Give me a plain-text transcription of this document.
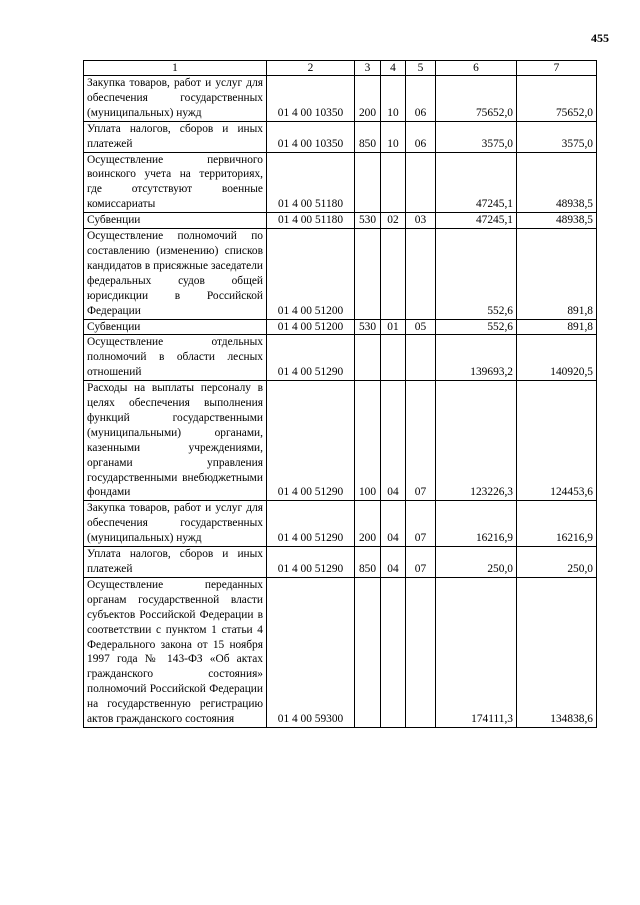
455
1	2	3	4	5	6	7
Закупка товаров, работ и услуг для обеспечения государственных (муниципальных) нужд	01 4 00 10350	200	10	06	75652,0	75652,0
Уплата налогов, сборов и иных платежей	01 4 00 10350	850	10	06	3575,0	3575,0
Осуществление первичного воинского учета на территориях, где отсутствуют военные комиссариаты	01 4 00 51180				47245,1	48938,5
Субвенции	01 4 00 51180	530	02	03	47245,1	48938,5
Осуществление полномочий по составлению (изменению) списков кандидатов в присяжные заседатели федеральных судов общей юрисдикции в Российской Федерации	01 4 00 51200				552,6	891,8
Субвенции	01 4 00 51200	530	01	05	552,6	891,8
Осуществление отдельных полномочий в области лесных отношений	01 4 00 51290				139693,2	140920,5
Расходы на выплаты персоналу в целях обеспечения выполнения функций государственными (муниципальными) органами, казенными учреждениями, органами управления государственными внебюджетными фондами	01 4 00 51290	100	04	07	123226,3	124453,6
Закупка товаров, работ и услуг для обеспечения государственных (муниципальных) нужд	01 4 00 51290	200	04	07	16216,9	16216,9
Уплата налогов, сборов и иных платежей	01 4 00 51290	850	04	07	250,0	250,0
Осуществление переданных органам государственной власти субъектов Российской Федерации в соответствии с пунктом 1 статьи 4 Федерального закона от 15 ноября 1997 года № 143-ФЗ «Об актах гражданского состояния» полномочий Российской Федерации на государственную регистрацию актов гражданского состояния	01 4 00 59300				174111,3	134838,6
